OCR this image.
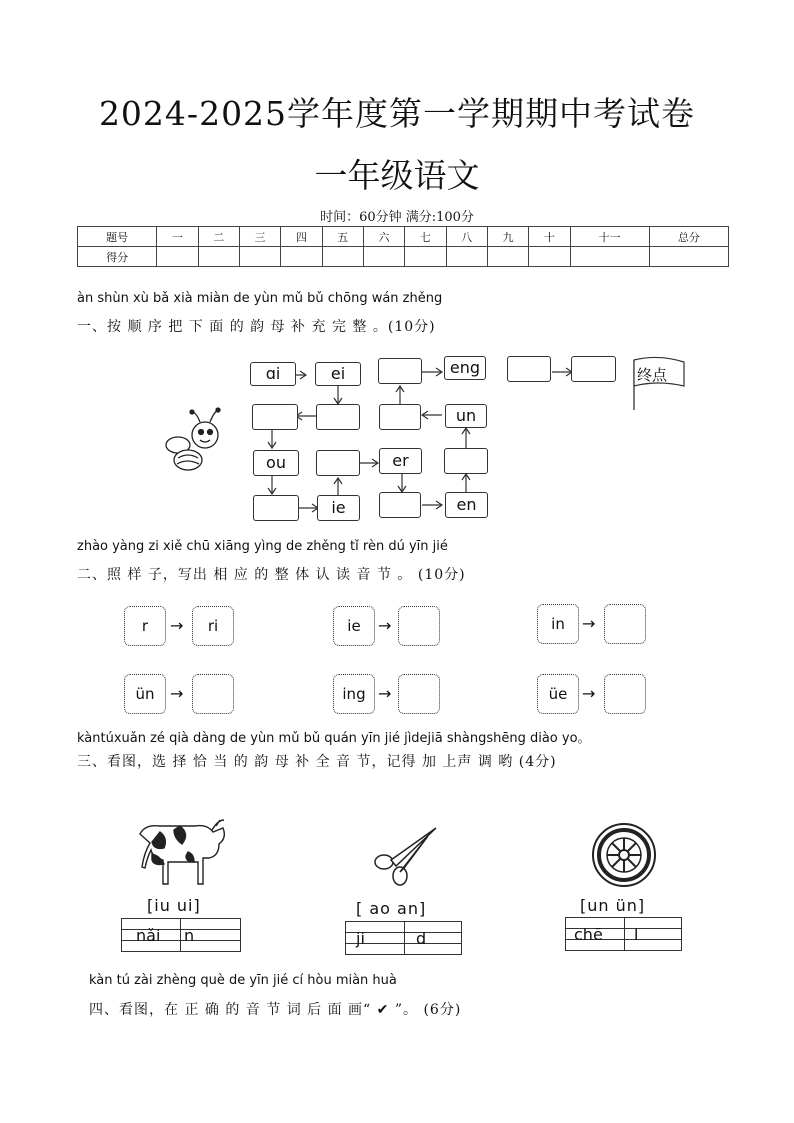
2024-2025学年度第一学期期中考试卷
一年级语文
时间：60分钟 满分:100分
题号	一	二	三	四	五	六	七	八	九	十	十一	总分
得分												
àn shùn xù bǎ xià miàn de yùn mǔ bǔ chōng wán zhěng
一、按 顺 序 把 下 面 的 韵 母 补 充 完 整 。(10分)
终点
ɑi	ei	eng
un
ou	er
ie	en
zhào yàng zi xiě chū xiāng yìng de zhěng tǐ rèn dú yīn jié
二、照 样 子，写出 相 应 的 整 体 认 读 音 节 。 (10分)
r	→	ri	ie	→	in	→
ün →	ing →	üe →
kàntúxuǎn zé qià dàng de yùn mǔ bǔ quán yīn jié jìdejiā shàngshēng diào yo。
三、看图，选 择 恰 当 的 韵 母 补 全 音 节，记得 加 上声 调 哟 (4分)
[iu ui]
nǎi n
[ ao an]
ji	d
[un ün]
chē l
kàn tú zài zhèng què de yīn jié cí hòu miàn huà
四、看图，在 正 确 的 音 节 词 后 面 画“ ✔ ”。 (6分)
